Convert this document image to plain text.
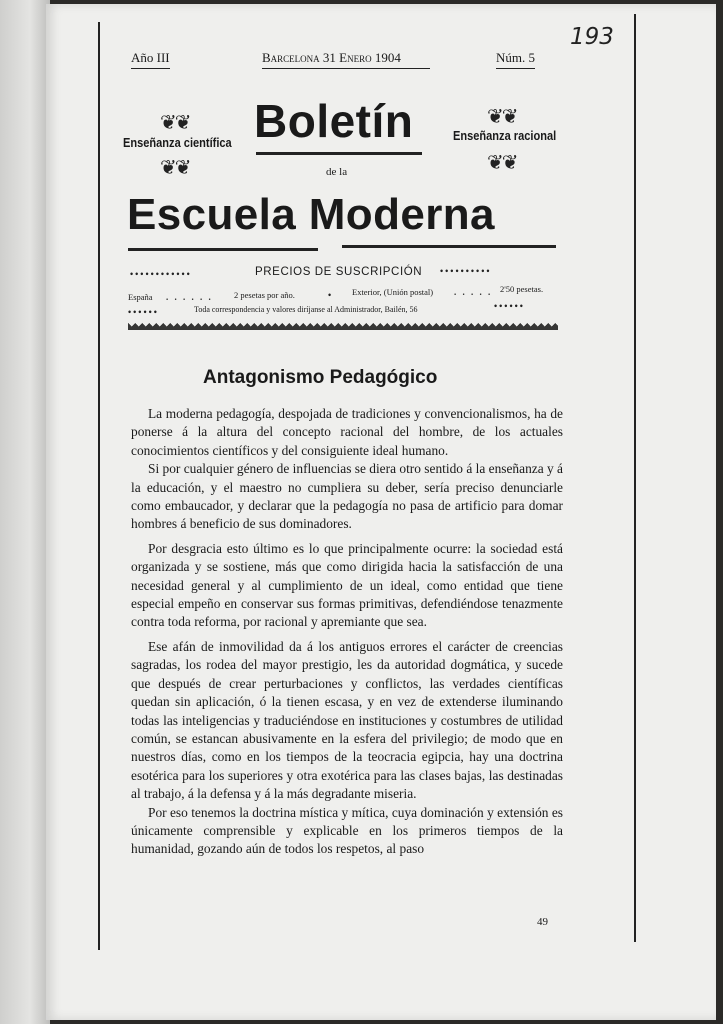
193
Año III	Barcelona 31 Enero 1904	Núm. 5
❦❦
❦❦
❦❦
❦❦
Enseñanza científica	Enseñanza racional
Boletín
de la
Escuela Moderna
••••••••••••	PRECIOS DE SUSCRIPCIÓN ••••••••••
España . . . . . .	2 pesetas por año.	• Exterior, (Unión postal) . . . . . 2'50 pesetas.
••••••	Toda correspondencia y valores diríjanse al Administrador, Bailén, 56	••••••
Antagonismo Pedagógico

La moderna pedagogía, despojada de tradiciones y convencionalismos, ha de ponerse á la altura del concepto racional del hombre, de los actuales conocimientos científicos y del consiguiente ideal humano.

Si por cualquier género de influencias se diera otro sentido á la enseñanza y á la educación, y el maestro no cumpliera su deber, sería preciso denunciarle como embaucador, y declarar que la pedagogía no pasa de artificio para domar hombres á beneficio de sus dominadores.

Por desgracia esto último es lo que principalmente ocurre: la sociedad está organizada y se sostiene, más que como dirigida hacia la satisfacción de una necesidad general y al cumplimiento de un ideal, como entidad que tiene especial empeño en conservar sus formas primitivas, defendiéndose tenazmente contra toda reforma, por racional y apremiante que sea.

Ese afán de inmovilidad da á los antiguos errores el carácter de creencias sagradas, los rodea del mayor prestigio, les da autoridad dogmática, y sucede que después de crear perturbaciones y conflictos, las verdades científicas quedan sin aplicación, ó la tienen escasa, y en vez de extenderse iluminando todas las inteligencias y traduciéndose en instituciones y costumbres de utilidad común, se estancan abusivamente en la esfera del privilegio; de modo que en nuestros días, como en los tiempos de la teocracia egipcia, hay una doctrina esotérica para los superiores y otra exotérica para las clases bajas, las destinadas al trabajo, á la defensa y á la más degradante miseria.

Por eso tenemos la doctrina mística y mítica, cuya dominación y extensión es únicamente comprensible y explicable en los primeros tiempos de la humanidad, gozando aún de todos los respetos, al paso

49
